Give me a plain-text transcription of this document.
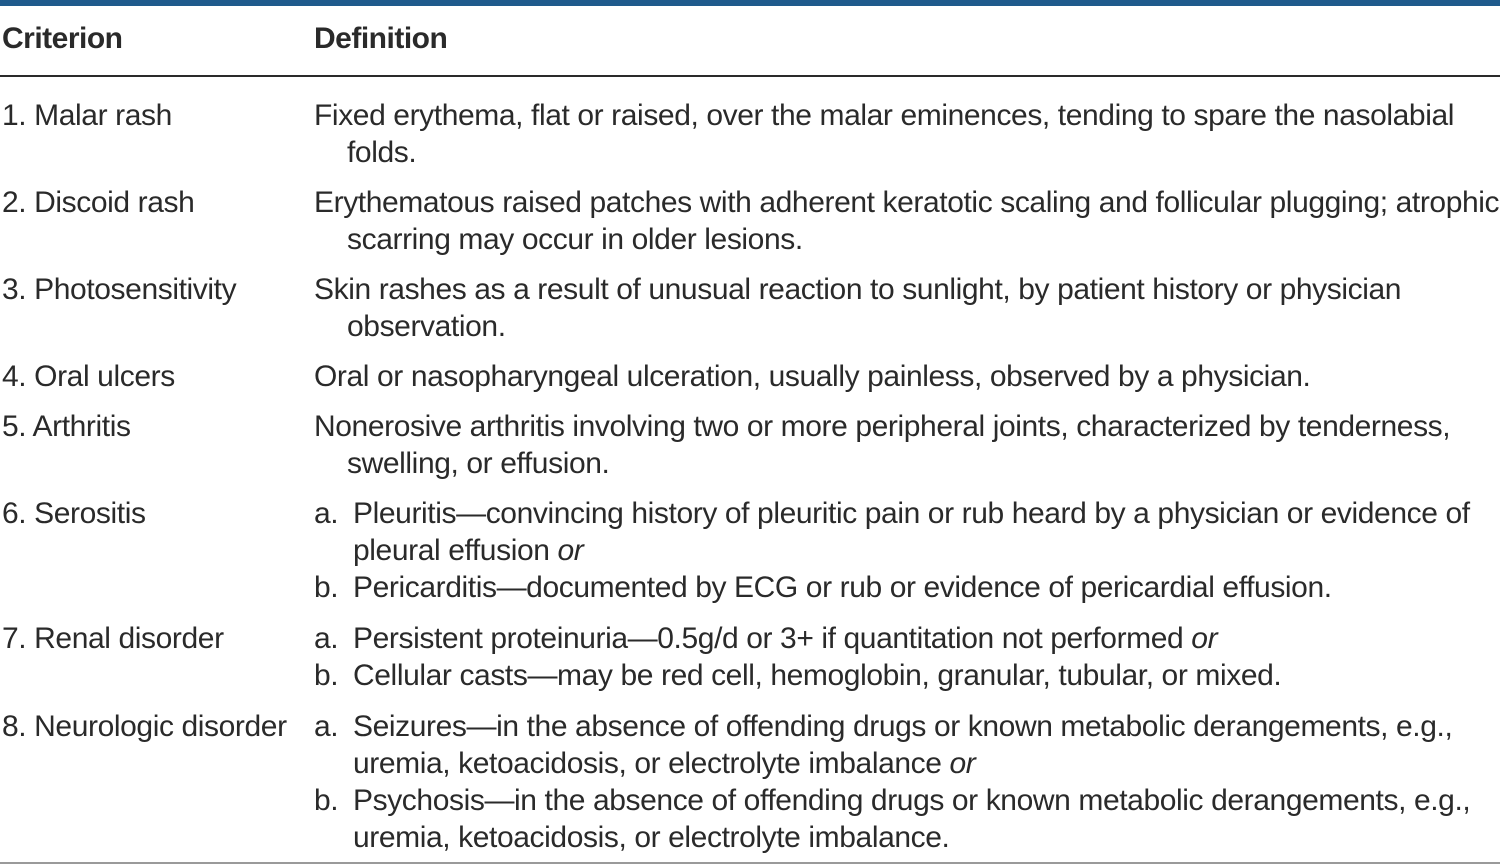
Criterion	Definition
1. Malar rash	Fixed erythema, flat or raised, over the malar eminences, tending to spare the nasolabial folds.
2. Discoid rash	Erythematous raised patches with adherent keratotic scaling and follicular plugging; atrophic scarring may occur in older lesions.
3. Photosensitivity	Skin rashes as a result of unusual reaction to sunlight, by patient history or physician observation.
4. Oral ulcers	Oral or nasopharyngeal ulceration, usually painless, observed by a physician.
5. Arthritis	Nonerosive arthritis involving two or more peripheral joints, characterized by tenderness, swelling, or effusion.
6. Serositis	a. Pleuritis—convincing history of pleuritic pain or rub heard by a physician or evidence of pleural effusion or
b. Pericarditis—documented by ECG or rub or evidence of pericardial effusion.
7. Renal disorder	a. Persistent proteinuria—0.5g/d or 3+ if quantitation not performed or
b. Cellular casts—may be red cell, hemoglobin, granular, tubular, or mixed.
8. Neurologic disorder a. Seizures—in the absence of offending drugs or known metabolic derangements, e.g., uremia, ketoacidosis, or electrolyte imbalance or
b. Psychosis—in the absence of offending drugs or known metabolic derangements, e.g., uremia, ketoacidosis, or electrolyte imbalance.
